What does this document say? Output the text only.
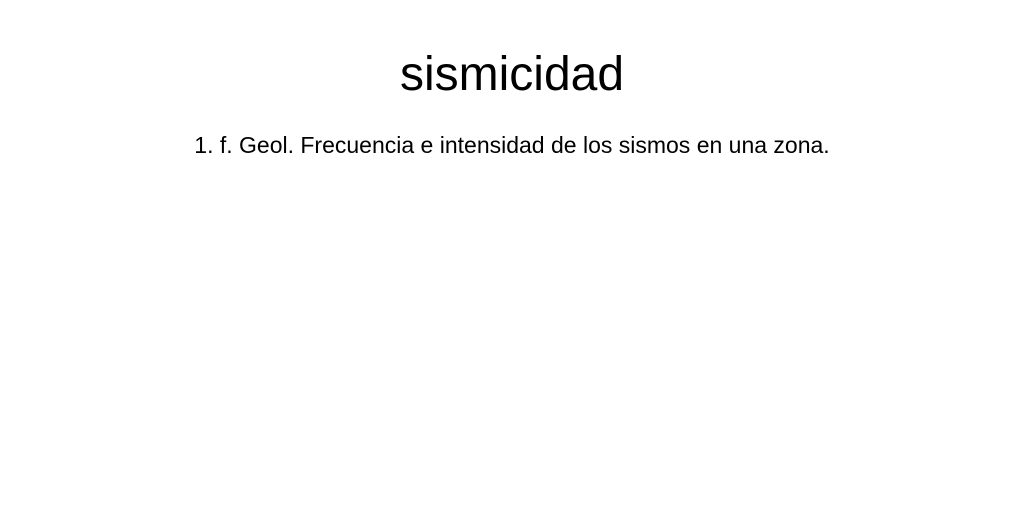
sismicidad

1. f. Geol. Frecuencia e intensidad de los sismos en una zona.
